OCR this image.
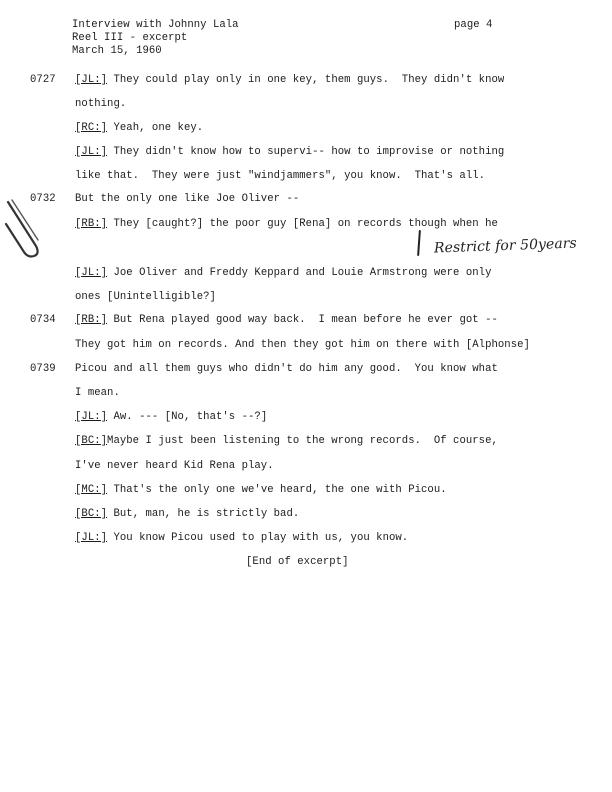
Interview with Johnny Lala	page 4
Reel III - excerpt
March 15, 1960
0727
0732
0734
0739
[JL:] They could play only in one key, them guys.  They didn't know
nothing.
[RC:] Yeah, one key.
[JL:] They didn't know how to supervi-- how to improvise or nothing
like that.  They were just "windjammers", you know.  That's all.
But the only one like Joe Oliver --
[RB:] They [caught?] the poor guy [Rena] on records though when he
Restrict for 50years
[JL:] Joe Oliver and Freddy Keppard and Louie Armstrong were only
ones [Unintelligible?]
[RB:] But Rena played good way back.  I mean before he ever got --
They got him on records. And then they got him on there with [Alphonse]
Picou and all them guys who didn't do him any good.  You know what
I mean.
[JL:] Aw. --- [No, that's --?]
[BC:]Maybe I just been listening to the wrong records.  Of course,
I've never heard Kid Rena play.
[MC:] That's the only one we've heard, the one with Picou.
[BC:] But, man, he is strictly bad.
[JL:] You know Picou used to play with us, you know.
[End of excerpt]
